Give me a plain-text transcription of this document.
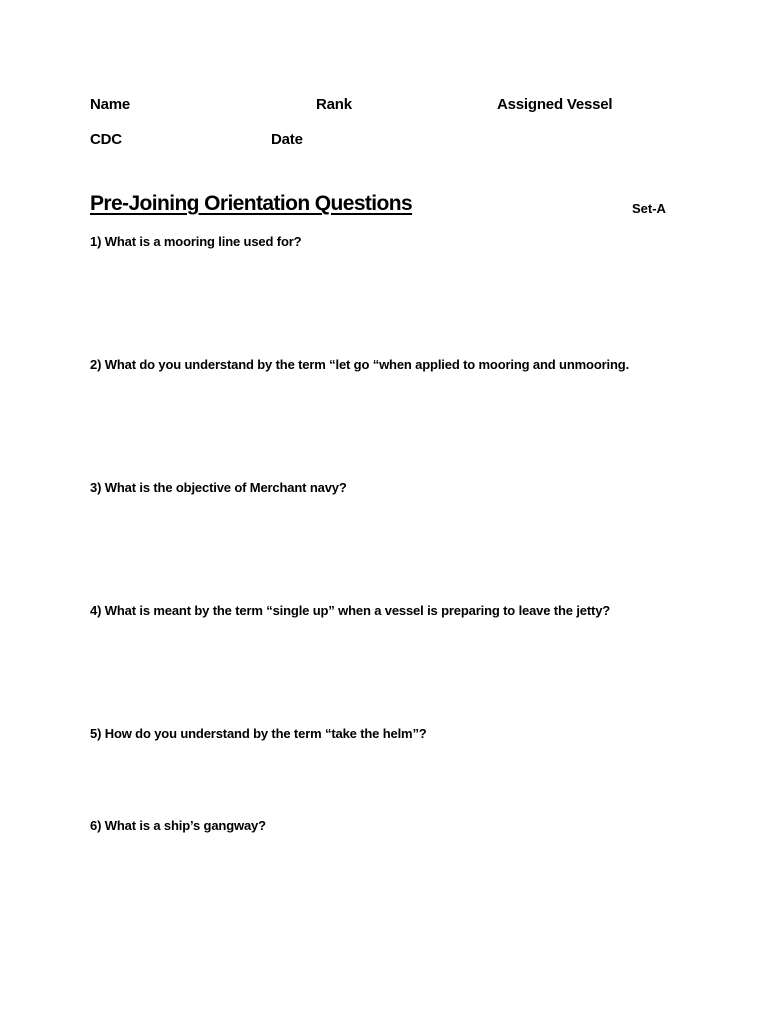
Name	Rank	Assigned Vessel
CDC	Date
Pre-Joining Orientation Questions	Set-A
1) What is a mooring line used for?
2) What do you understand by the term “let go “when applied to mooring and unmooring.
3) What is the objective of Merchant navy?
4) What is meant by the term “single up” when a vessel is preparing to leave the jetty?
5) How do you understand by the term “take the helm”?
6) What is a ship’s gangway?
